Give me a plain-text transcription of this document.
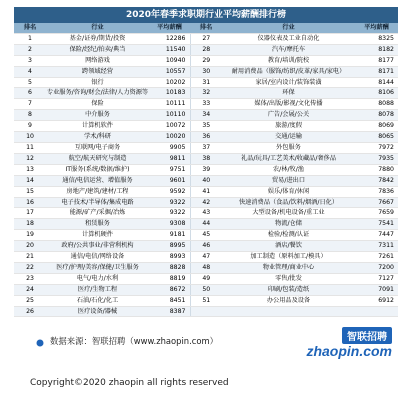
2020年春季求职期行业平均薪酬排行榜
排名	行业	平均薪酬	排名	行业	平均薪酬
1	基金/证券/期货/投资	12286	27	仪器仪表及工业自动化	8325
2	保险/经纪/拍卖/典当	11540	28	汽车/摩托车	8182
3	网络游戏	10940	29	教育/培训/院校	8177
4	跨领域经营	10557	30	耐用消费品（服饰/纺织/皮革/家具/家电）	8171
5	银行	10202	31	家居/室内设计/装饰装潢	8144
6	专业服务/咨询/财会/法律/人力资源等	10183	32	环保	8106
7	保险	10111	33	媒体/出版/影视/文化传播	8088
8	中介服务	10110	34	广告/会展/公关	8078
9	计算机软件	10072	35	旅游/度假	8069
10	学术/科研	10020	36	交通/运输	8065
11	互联网/电子商务	9905	37	外包服务	7972
12	航空/航天研究与制造	9811	38	礼品/玩具/工艺美术/收藏品/奢侈品	7935
13	IT服务(系统/数据/维护)	9751	39	农/林/牧/渔	7880
14	通信/电信运营、增值服务	9601	40	贸易/进出口	7842
15	房地产/建筑/建材/工程	9592	41	娱乐/体育/休闲	7836
16	电子技术/半导体/集成电路	9322	42	快速消费品（食品/饮料/烟酒/日化）	7667
17	能源/矿产/采掘/冶炼	9322	43	大型设备/机电设备/重工业	7659
18	租赁服务	9308	44	物流/仓储	7541
19	计算机硬件	9181	45	检验/检测/认证	7447
20	政府/公共事业/非营利机构	8995	46	酒店/餐饮	7311
21	通信/电信/网络设备	8993	47	加工制造（原料加工/模具）	7261
22	医疗/护理/美容/保健/卫生服务	8828	48	物业管理/商业中心	7200
23	电气/电力/水利	8819	49	零售/批发	7127
24	医疗/生物工程	8672	50	印刷/包装/造纸	7091
25	石油/石化/化工	8451	51	办公用品及设备	6912
26	医疗设备/器械	8387			
数据来源：智联招聘（www.zhaopin.com）	智联招聘
zhaopin.com
Copyright©2020 zhaopin all rights reserved
